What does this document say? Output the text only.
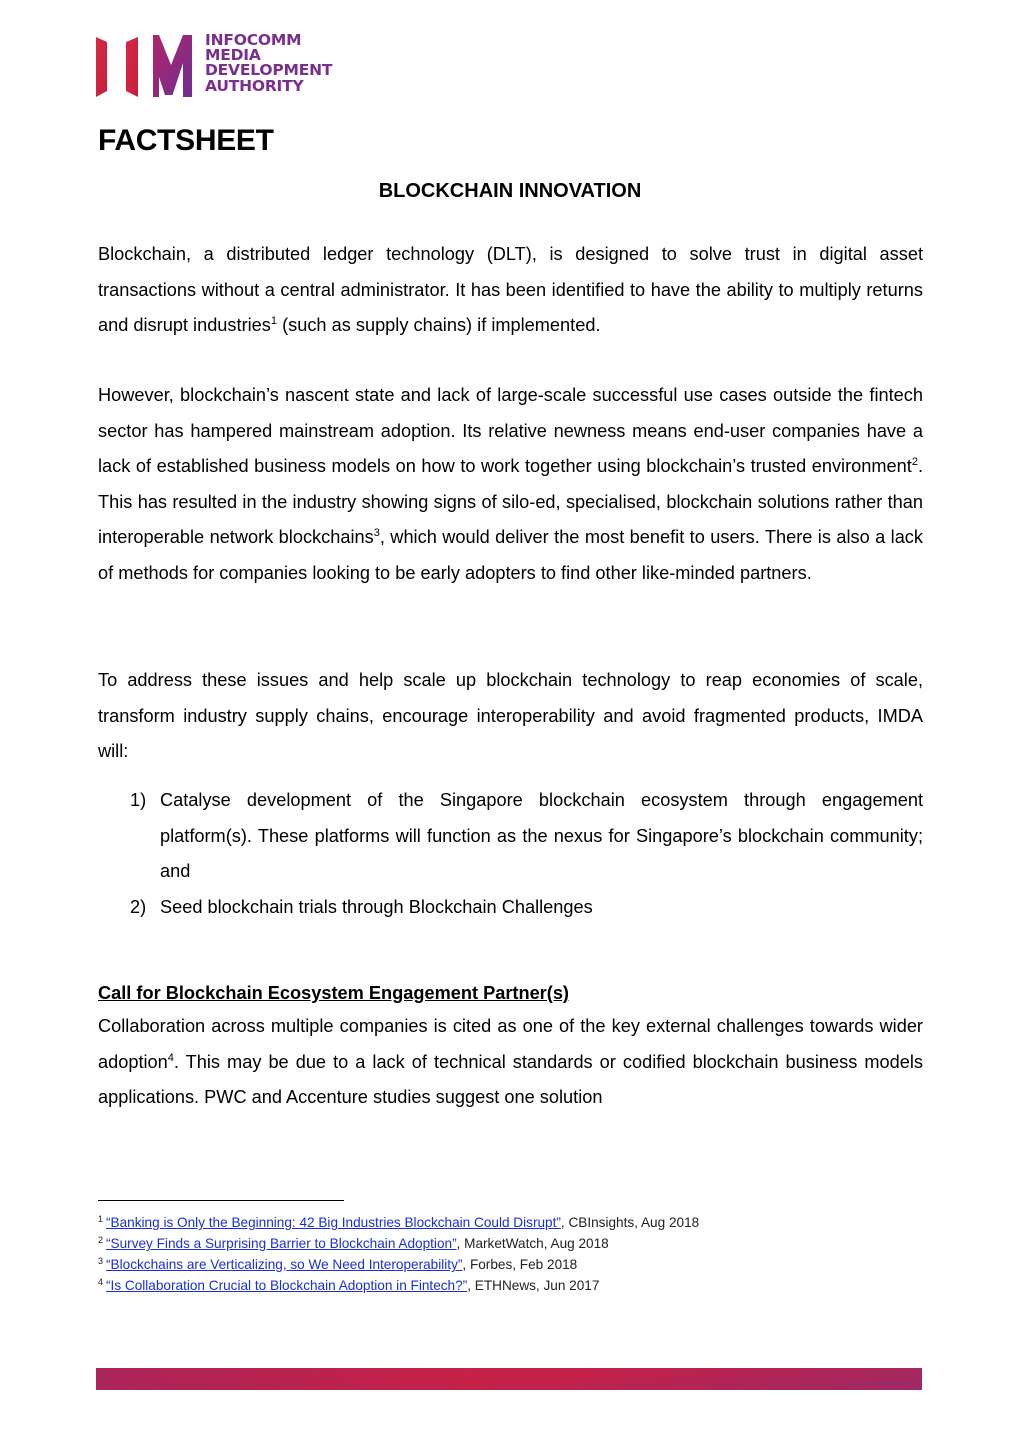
INFOCOMM
MEDIA
DEVELOPMENT
AUTHORITY
FACTSHEET
BLOCKCHAIN INNOVATION
Blockchain, a distributed ledger technology (DLT), is designed to solve trust in digital asset transactions without a central administrator. It has been identified to have the ability to multiply returns and disrupt industries$^1$ (such as supply chains) if implemented.
However, blockchain’s nascent state and lack of large-scale successful use cases outside the fintech sector has hampered mainstream adoption. Its relative newness means end-user companies have a lack of established business models on how to work together using blockchain’s trusted environment$^2$. This has resulted in the industry showing signs of silo-ed, specialised, blockchain solutions rather than interoperable network blockchains$^3$, which would deliver the most benefit to users. There is also a lack of methods for companies looking to be early adopters to find other like-minded partners.
To address these issues and help scale up blockchain technology to reap economies of scale, transform industry supply chains, encourage interoperability and avoid fragmented products, IMDA will:
1) Catalyse development of the Singapore blockchain ecosystem through engagement platform(s). These platforms will function as the nexus for Singapore’s blockchain community; and
2) Seed blockchain trials through Blockchain Challenges
Call for Blockchain Ecosystem Engagement Partner(s)
Collaboration across multiple companies is cited as one of the key external challenges towards wider adoption$^4$. This may be due to a lack of technical standards or codified blockchain business models applications. PWC and Accenture studies suggest one solution
$^1$ “Banking is Only the Beginning: 42 Big Industries Blockchain Could Disrupt”, CBInsights, Aug 2018
$^2$ “Survey Finds a Surprising Barrier to Blockchain Adoption”, MarketWatch, Aug 2018
$^3$ “Blockchains are Verticalizing, so We Need Interoperability”, Forbes, Feb 2018
$^4$ “Is Collaboration Crucial to Blockchain Adoption in Fintech?”, ETHNews, Jun 2017
